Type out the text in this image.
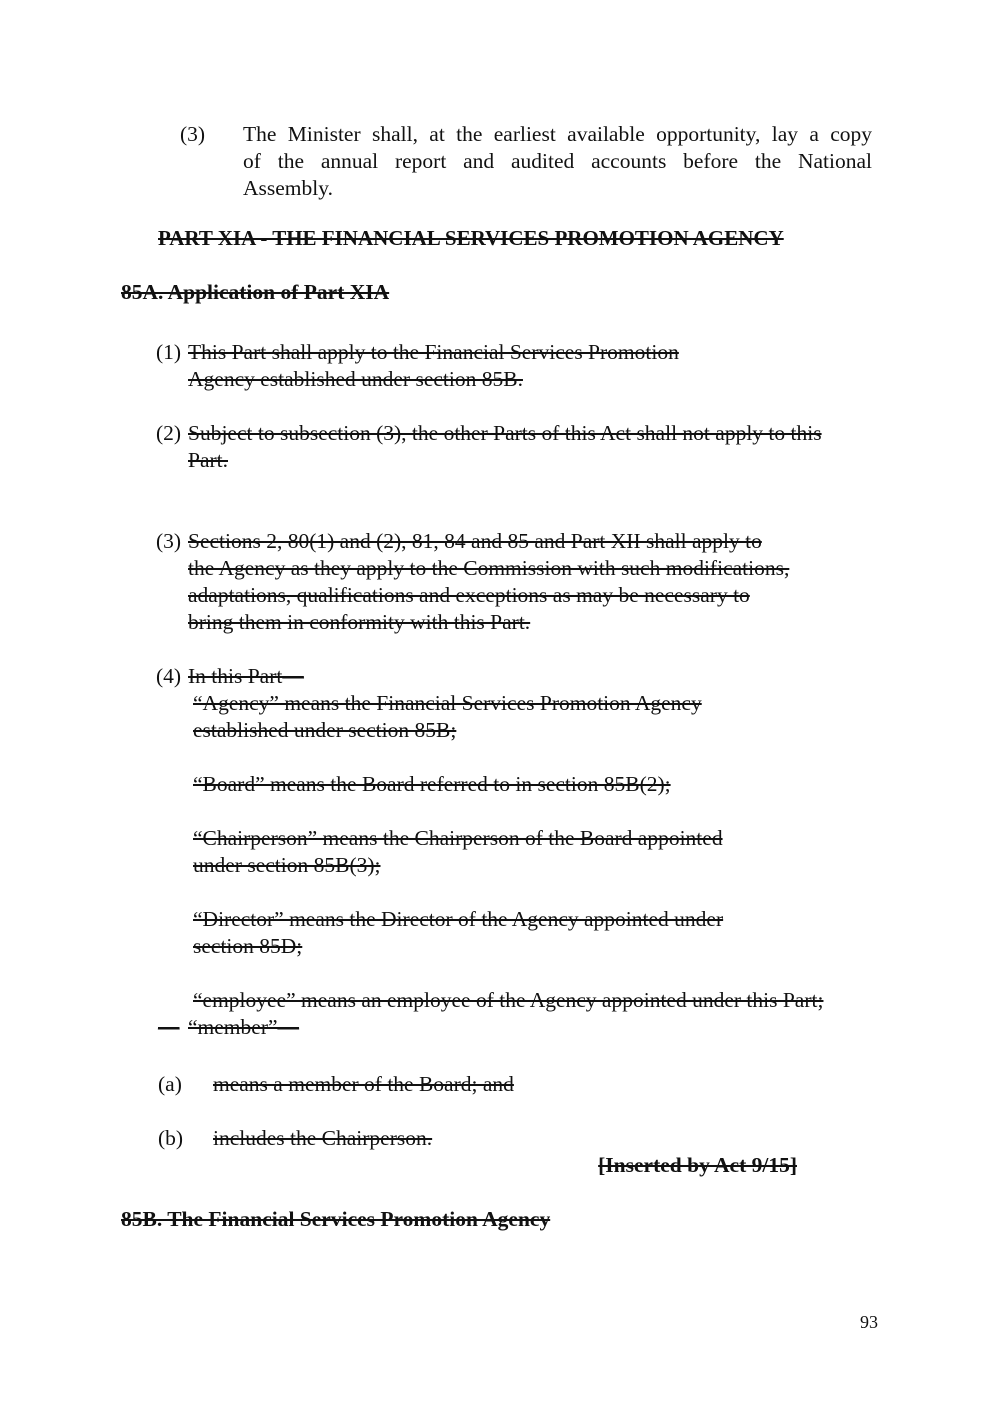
(3) The Minister shall, at the earliest available opportunity, lay a copy
of the annual report and audited accounts before the National
Assembly.
PART XIA - THE FINANCIAL SERVICES PROMOTION AGENCY
85A. Application of Part XIA
(1) This Part shall apply to the Financial Services Promotion
Agency established under section 85B.
(2) Subject to subsection (3), the other Parts of this Act shall not apply to this
Part.
(3) Sections 2, 80(1) and (2), 81, 84 and 85 and Part XII shall apply to
the Agency as they apply to the Commission with such modifications,
adaptations, qualifications and exceptions as may be necessary to
bring them in conformity with this Part.
(4) In this Part—
“Agency” means the Financial Services Promotion Agency
established under section 85B;
“Board” means the Board referred to in section 85B(2);
“Chairperson” means the Chairperson of the Board appointed
under section 85B(3);
“Director” means the Director of the Agency appointed under
section 85D;
“employee” means an employee of the Agency appointed under this Part;
— “member”—
(a) means a member of the Board; and
(b) includes the Chairperson.
[Inserted by Act 9/15]
85B. The Financial Services Promotion Agency
93
